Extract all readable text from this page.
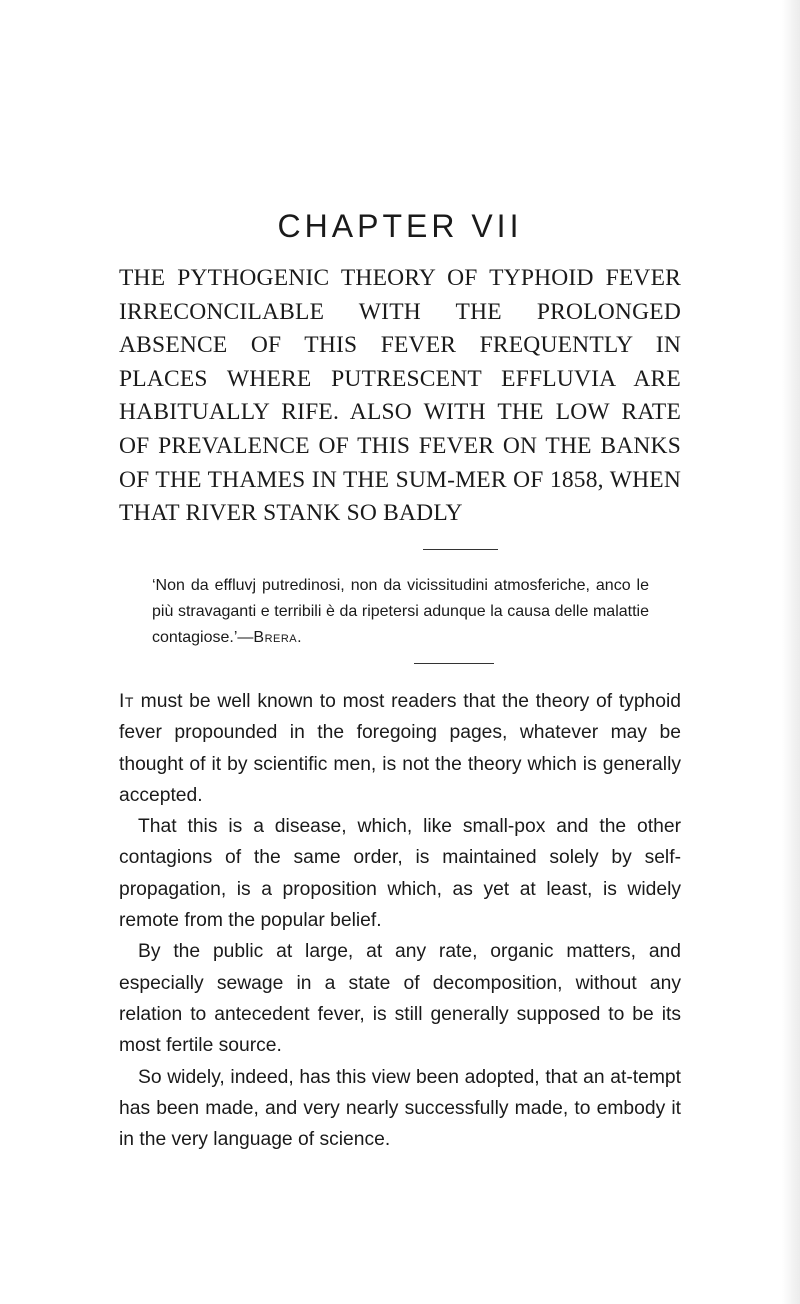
CHAPTER VII
THE PYTHOGENIC THEORY OF TYPHOID FEVER IRRECONCILABLE WITH THE PROLONGED ABSENCE OF THIS FEVER FREQUENTLY IN PLACES WHERE PUTRESCENT EFFLUVIA ARE HABITUALLY RIFE. ALSO WITH THE LOW RATE OF PREVALENCE OF THIS FEVER ON THE BANKS OF THE THAMES IN THE SUM-MER OF 1858, WHEN THAT RIVER STANK SO BADLY

‘Non da effluvj putredinosi, non da vicissitudini atmosferiche, anco le più stravaganti e terribili è da ripetersi adunque la causa delle malattie contagiose.’—Brera.

It must be well known to most readers that the theory of typhoid fever propounded in the foregoing pages, whatever may be thought of it by scientific men, is not the theory which is generally accepted.

That this is a disease, which, like small-pox and the other contagions of the same order, is maintained solely by self-propagation, is a proposition which, as yet at least, is widely remote from the popular belief.

By the public at large, at any rate, organic matters, and especially sewage in a state of decomposition, without any relation to antecedent fever, is still generally supposed to be its most fertile source.

So widely, indeed, has this view been adopted, that an at-tempt has been made, and very nearly successfully made, to embody it in the very language of science.
